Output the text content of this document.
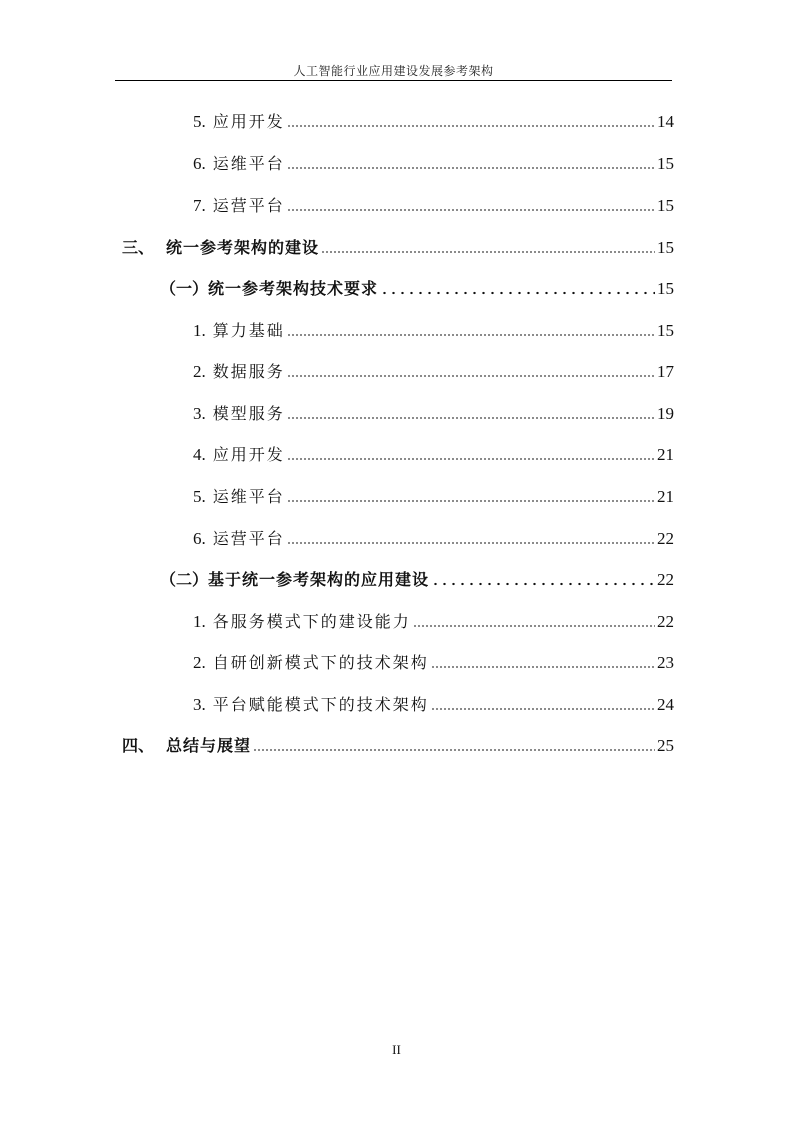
人工智能行业应用建设发展参考架构
5. 应用开发	14
6. 运维平台	15
7. 运营平台	15
三、 统一参考架构的建设	15
（一） 统一参考架构技术要求	15
1. 算力基础	15
2. 数据服务	17
3. 模型服务	19
4. 应用开发	21
5. 运维平台	21
6. 运营平台	22
（二） 基于统一参考架构的应用建设	22
1. 各服务模式下的建设能力	22
2. 自研创新模式下的技术架构	23
3. 平台赋能模式下的技术架构	24
四、 总结与展望	25
II
